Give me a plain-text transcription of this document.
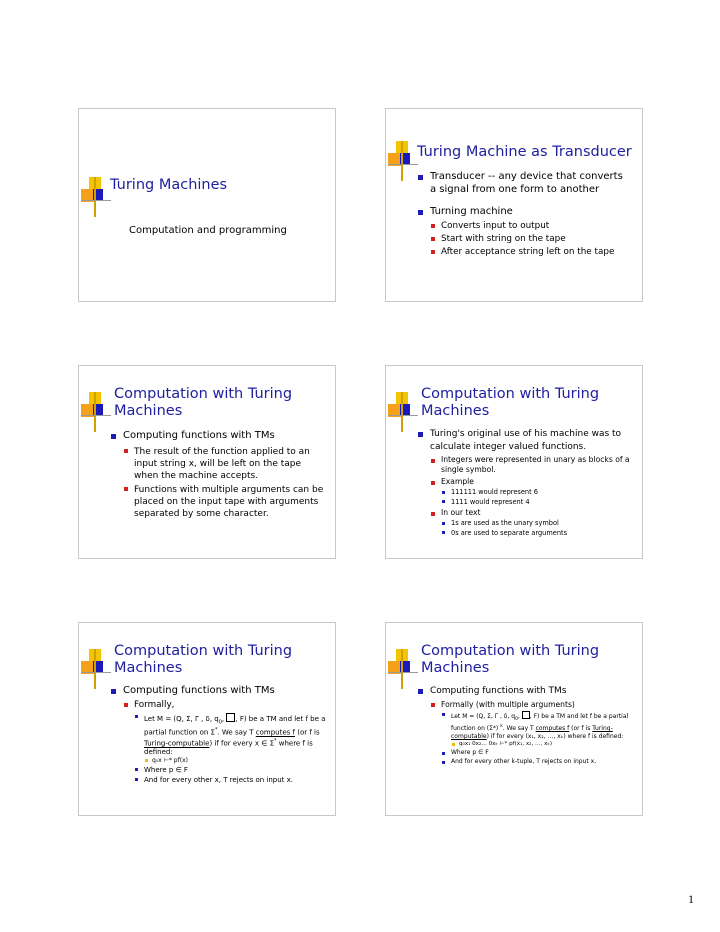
Turing Machines
Computation and programming
Turing Machine as Transducer
Transducer -- any device that converts a signal from one form to another
Turning machine
Converts input to output
Start with string on the tape
After acceptance string left on the tape
Computation with Turing
Machines
Computing functions with TMs
The result of the function applied to an input string x, will be left on the tape when the machine accepts.
Functions with multiple arguments can be placed on the input tape with arguments separated by some character.
Computation with Turing
Machines
Turing's original use of his machine was to calculate integer valued functions.
Integers were represented in unary as blocks of a single symbol.
Example
111111 would represent 6
1111 would represent 4
In our text
1s are used as the unary symbol
0s are used to separate arguments
Computation with Turing
Machines
Computing functions with TMs
Formally,
Let M = (Q, Σ, Γ , δ, $q_0$, , F) be a TM and let f be a partial function on Σ*. We say T computes f (or f is Turing-computable) if for every x ∈ Σ* where f is defined:
q₀x ⊢* pf(x)
Where p ∈ F
And for every other x, T rejects on input x.
Computation with Turing
Machines
Computing functions with TMs
Formally (with multiple arguments)
Let M = (Q, Σ, Γ , δ, $q_0$, , F) be a TM and let f be a partial function on (Σ*) $^k$. We say T computes f (or f is Turing-computable) if for every (x₁, x₂, …, xₖ) where f is defined:
q₀x₁ 0x₂… 0xₖ ⊢* pf(x₁, x₂, …, xₖ)
Where p ∈ F
And for every other k-tuple, T rejects on input x.
1
